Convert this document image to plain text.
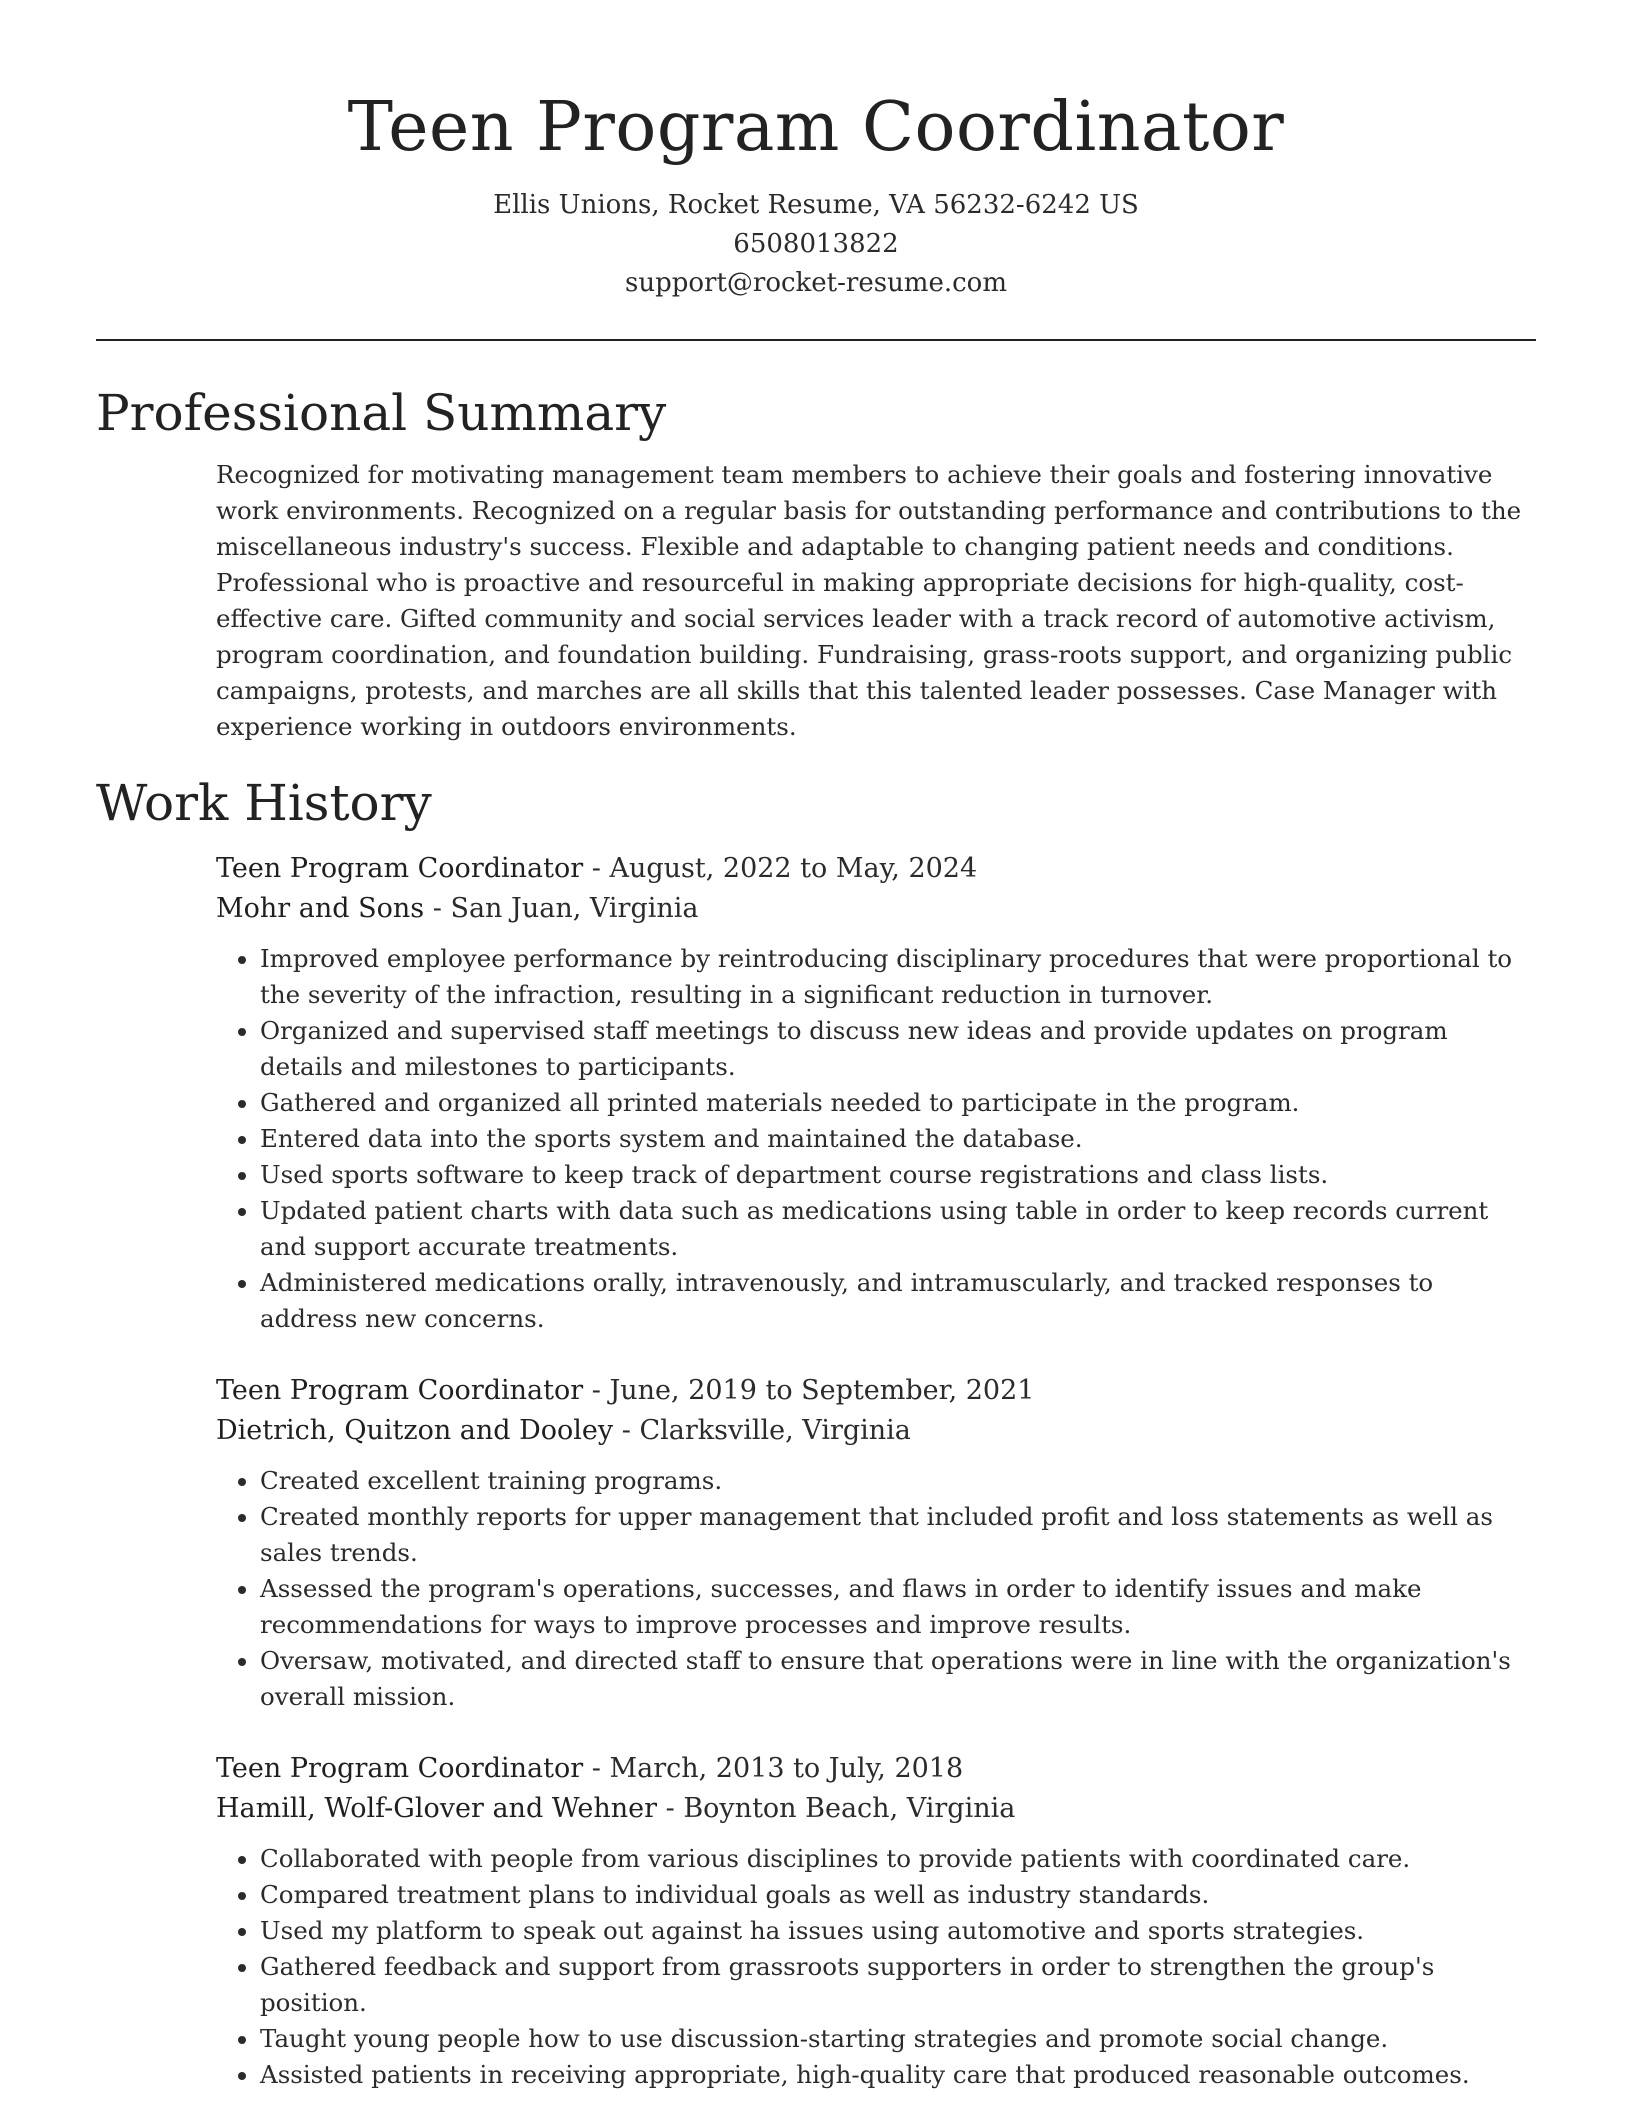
Teen Program Coordinator
Ellis Unions, Rocket Resume, VA 56232-6242 US
6508013822
support@rocket-resume.com
Professional Summary

Recognized for motivating management team members to achieve their goals and fostering innovative work environments. Recognized on a regular basis for outstanding performance and contributions to the miscellaneous industry's success. Flexible and adaptable to changing patient needs and conditions. Professional who is proactive and resourceful in making appropriate decisions for high-quality, cost-effective care. Gifted community and social services leader with a track record of automotive activism, program coordination, and foundation building. Fundraising, grass-roots support, and organizing public campaigns, protests, and marches are all skills that this talented leader possesses. Case Manager with experience working in outdoors environments.

Work History
Teen Program Coordinator - August, 2022 to May, 2024
Mohr and Sons - San Juan, Virginia
• Improved employee performance by reintroducing disciplinary procedures that were proportional to the severity of the infraction, resulting in a significant reduction in turnover.
• Organized and supervised staff meetings to discuss new ideas and provide updates on program details and milestones to participants.
• Gathered and organized all printed materials needed to participate in the program.
• Entered data into the sports system and maintained the database.
• Used sports software to keep track of department course registrations and class lists.
• Updated patient charts with data such as medications using table in order to keep records current and support accurate treatments.
• Administered medications orally, intravenously, and intramuscularly, and tracked responses to address new concerns.
Teen Program Coordinator - June, 2019 to September, 2021
Dietrich, Quitzon and Dooley - Clarksville, Virginia
• Created excellent training programs.
• Created monthly reports for upper management that included profit and loss statements as well as sales trends.
• Assessed the program's operations, successes, and flaws in order to identify issues and make recommendations for ways to improve processes and improve results.
• Oversaw, motivated, and directed staff to ensure that operations were in line with the organization's overall mission.
Teen Program Coordinator - March, 2013 to July, 2018
Hamill, Wolf-Glover and Wehner - Boynton Beach, Virginia
• Collaborated with people from various disciplines to provide patients with coordinated care.
• Compared treatment plans to individual goals as well as industry standards.
• Used my platform to speak out against ha issues using automotive and sports strategies.
• Gathered feedback and support from grassroots supporters in order to strengthen the group's position.
• Taught young people how to use discussion-starting strategies and promote social change.
• Assisted patients in receiving appropriate, high-quality care that produced reasonable outcomes.
